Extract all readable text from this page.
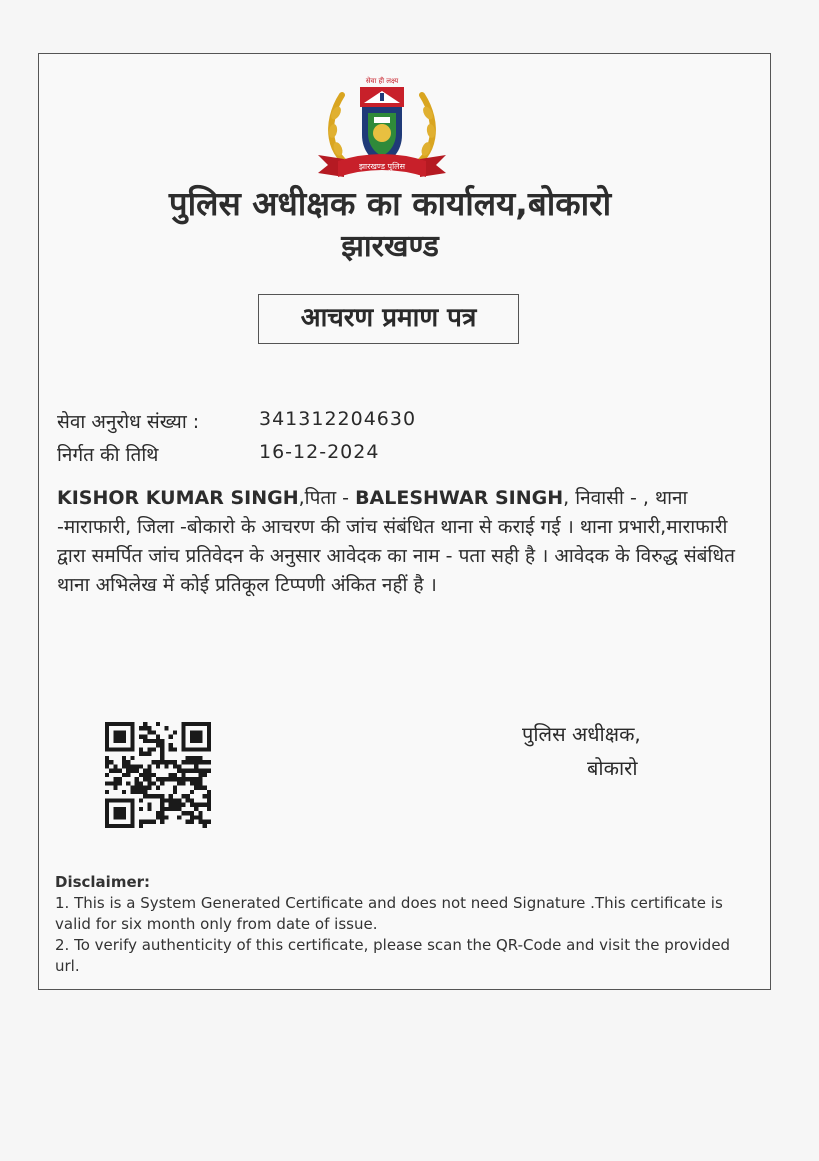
सेवा ही लक्ष्य
झारखण्ड पुलिस
पुलिस अधीक्षक का कार्यालय,बोकारो
झारखण्ड
आचरण प्रमाण पत्र
सेवा अनुरोध संख्या :	341312204630
निर्गत की तिथि	16-12-2024
KISHOR KUMAR SINGH,पिता - BALESHWAR SINGH, निवासी - , थाना -माराफारी, जिला -बोकारो के आचरण की जांच संबंधित थाना से कराई गई । थाना प्रभारी,माराफारी द्वारा समर्पित जांच प्रतिवेदन के अनुसार आवेदक का नाम - पता सही है । आवेदक के विरुद्ध संबंधित थाना अभिलेख में कोई प्रतिकूल टिप्पणी अंकित नहीं है ।
पुलिस अधीक्षक,
बोकारो
Disclaimer:
1. This is a System Generated Certificate and does not need Signature .This certificate is valid for six month only from date of issue.
2. To verify authenticity of this certificate, please scan the QR-Code and visit the provided url.
